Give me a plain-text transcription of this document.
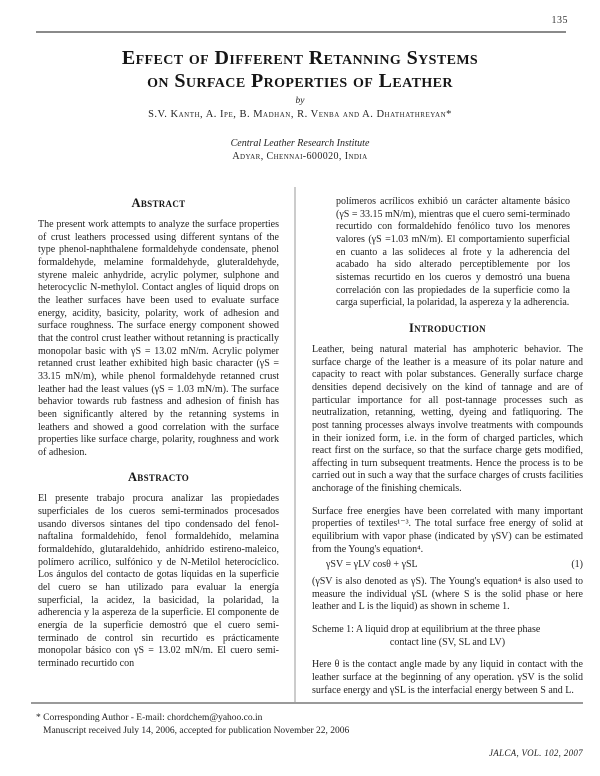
135
Effect of Different Retanning Systems
on Surface Properties of Leather
by
S.V. Kanth, A. Ipe, B. Madhan, R. Venba and A. Dhathathreyan*
Central Leather Research Institute
Adyar, Chennai-600020, India
Abstract

The present work attempts to analyze the surface properties of crust leathers processed using different syntans of the type phenol-naphthalene formaldehyde condensate, phenol formaldehyde, melamine formaldehyde, gluteraldehyde, styrene maleic anhydride, acrylic polymer, sulphone and heterocyclic N-methylol. Contact angles of liquid drops on the leather surfaces have been used to evaluate surface energy, acidity, basicity, polarity, work of adhesion and surface roughness. The surface energy component showed that the control crust leather without retanning is practically monopolar basic with γS = 13.02 mN/m. Acrylic polymer retanned crust leather exhibited high basic character (γS = 33.15 mN/m), while phenol formaldehyde retanned crust leather had the least values (γS = 1.03 mN/m). The surface behavior towards rub fastness and adhesion of finish has been significantly altered by the retanning systems in leathers and showed a good correlation with the surface properties like surface charge, polarity, roughness and work of adhesion.

Abstracto

El presente trabajo procura analizar las propiedades superficiales de los cueros semi-terminados procesados usando diversos sintanes del tipo condensado del fenol-naftalina formaldehído, fenol formaldehído, melamina formaldehído, glutaraldehido, anhídrido estireno-maleico, polímero acrílico, sulfónico y de N-Metilol heterocíclico. Los ángulos del contacto de gotas líquidas en la superficie del cuero se han utilizado para evaluar la energía superficial, la acidez, la basicidad, la polaridad, la adherencia y la aspereza de la superficie. El componente de energía de la superficie demostró que el cuero semi-terminado de control sin recurtido es prácticamente monopolar básico con γS = 13.02 mN/m. El cuero semi-terminado recurtido con

polímeros acrílicos exhibió un carácter altamente básico (γS = 33.15 mN/m), mientras que el cuero semi-terminado recurtido con formaldehído fenólico tuvo los menores valores (γS =1.03 mN/m). El comportamiento superficial en cuanto a las solideces al frote y la adherencia del acabado ha sido alterado perceptiblemente por los sistemas recurtido en los cueros y demostró una buena correlación con las propiedades de la superficie como la carga superficial, la polaridad, la aspereza y la adherencia.

Introduction

Leather, being natural material has amphoteric behavior. The surface charge of the leather is a measure of its polar nature and capacity to react with polar substances. Generally surface charge densities depend decisively on the kind of tannage and are of particular importance for all post-tannage processes such as neutralization, retanning, wetting, dyeing and fatliquoring. The post tanning processes always involve treatments with compounds in their ionized form, i.e. in the form of charged particles, which react first on the surface, so that the surface charge gets modified, affecting in turn subsequent treatments. Hence the process is to be carried out in such a way that the surface charges of crusts facilities anchorage of the finishing chemicals.

Surface free energies have been correlated with many important properties of textiles¹⁻³. The total surface free energy of solid at equilibrium with vapor phase (indicated by γSV) can be estimated from the Young's equation⁴.

γSV = γLV cosθ + γSL	(1)

(γSV is also denoted as γS). The Young's equation⁴ is also used to measure the individual γSL (where S is the solid phase or here leather and L is the liquid) as shown in scheme 1.

Scheme 1: A liquid drop at equilibrium at the three phase
contact line (SV, SL and LV)

Here θ is the contact angle made by any liquid in contact with the leather surface at the beginning of any operation. γSV is the solid surface energy and γSL is the interfacial energy between S and L.

* Corresponding Author - E-mail: chordchem@yahoo.co.in
Manuscript received July 14, 2006, accepted for publication November 22, 2006
JALCA, VOL. 102, 2007
